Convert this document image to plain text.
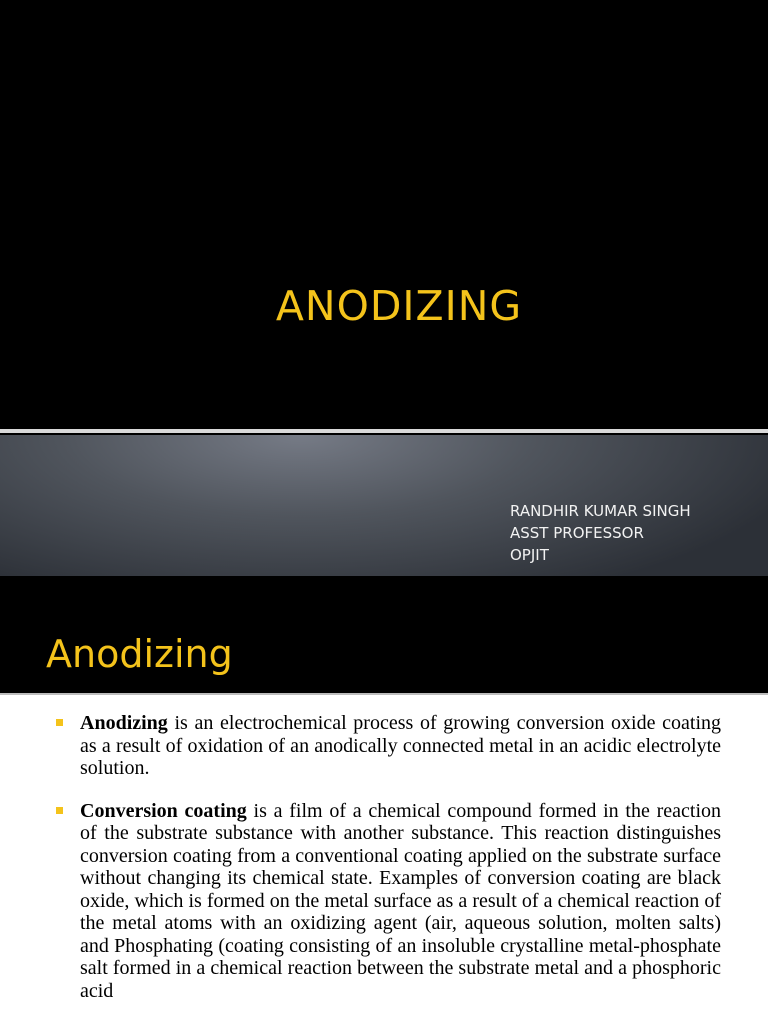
ANODIZING
RANDHIR KUMAR SINGH
ASST PROFESSOR
OPJIT
Anodizing
Anodizing is an electrochemical process of growing conversion oxide coating as a result of oxidation of an anodically connected metal in an acidic electrolyte solution.
Conversion coating is a film of a chemical compound formed in the reaction of the substrate substance with another substance. This reaction distinguishes conversion coating from a conventional coating applied on the substrate surface without changing its chemical state. Examples of conversion coating are black oxide, which is formed on the metal surface as a result of a chemical reaction of the metal atoms with an oxidizing agent (air, aqueous solution, molten salts) and Phosphating (coating consisting of an insoluble crystalline metal-phosphate salt formed in a chemical reaction between the substrate metal and a phosphoric acid
